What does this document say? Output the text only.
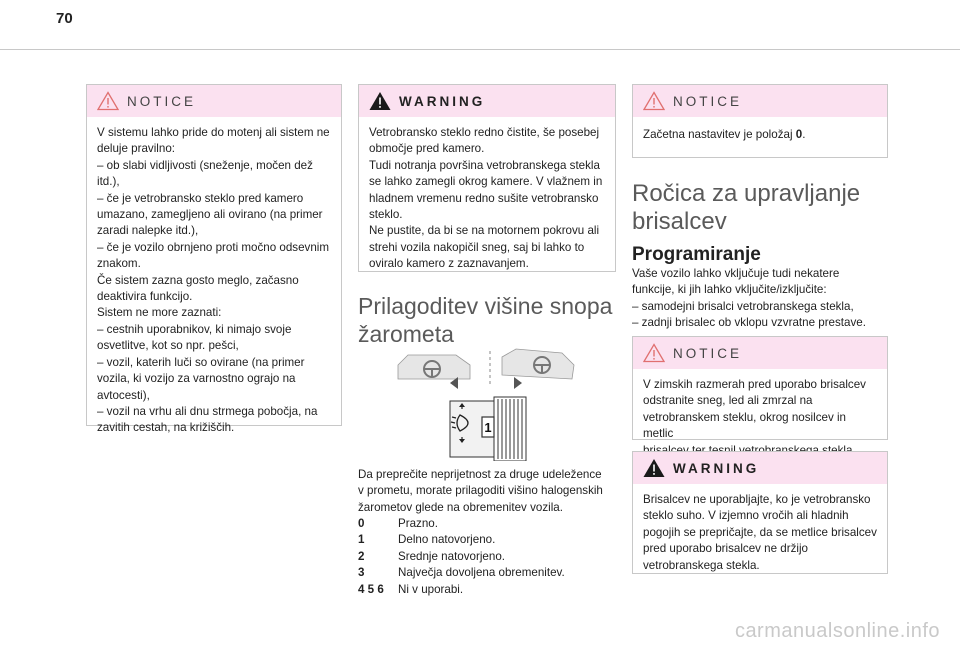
70
NOTICE

V sistemu lahko pride do motenj ali sistem ne

deluje pravilno:

– ob slabi vidljivosti (sneženje, močen dež

itd.),

– če je vetrobransko steklo pred kamero

umazano, zamegljeno ali ovirano (na primer

zaradi nalepke itd.),

– če je vozilo obrnjeno proti močno odsevnim

znakom.

Če sistem zazna gosto meglo, začasno

deaktivira funkcijo.

Sistem ne more zaznati:

– cestnih uporabnikov, ki nimajo svoje

osvetlitve, kot so npr. pešci,

– vozil, katerih luči so ovirane (na primer

vozila, ki vozijo za varnostno ograjo na

avtocesti),

– vozil na vrhu ali dnu strmega pobočja, na

zavitih cestah, na križiščih.

WARNING

Vetrobransko steklo redno čistite, še posebej

območje pred kamero.

Tudi notranja površina vetrobranskega stekla

se lahko zamegli okrog kamere. V vlažnem in

hladnem vremenu redno sušite vetrobransko

steklo.

Ne pustite, da bi se na motornem pokrovu ali

strehi vozila nakopičil sneg, saj bi lahko to

oviralo kamero z zaznavanjem.

Prilagoditev višine snopa
žarometa
1

Da preprečite neprijetnost za druge udeležence

v prometu, morate prilagoditi višino halogenskih

žarometov glede na obremenitev vozila.

0	Prazno.
1	Delno natovorjeno.
2	Srednje natovorjeno.
3	Največja dovoljena obremenitev.
4 5 6	Ni v uporabi.
NOTICE
Začetna nastavitev je položaj 0.
Ročica za upravljanje
brisalcev
Programiranje

Vaše vozilo lahko vključuje tudi nekatere

funkcije, ki jih lahko vključite/izključite:

– samodejni brisalci vetrobranskega stekla,

– zadnji brisalec ob vklopu vzvratne prestave.

NOTICE

V zimskih razmerah pred uporabo brisalcev

odstranite sneg, led ali zmrzal na

vetrobranskem steklu, okrog nosilcev in metlic

WARNING

Brisalcev ne uporabljajte, ko je vetrobransko

steklo suho. V izjemno vročih ali hladnih

pogojih se prepričajte, da se metlice brisalcev

pred uporabo brisalcev ne držijo

vetrobranskega stekla.

carmanualsonline.info
